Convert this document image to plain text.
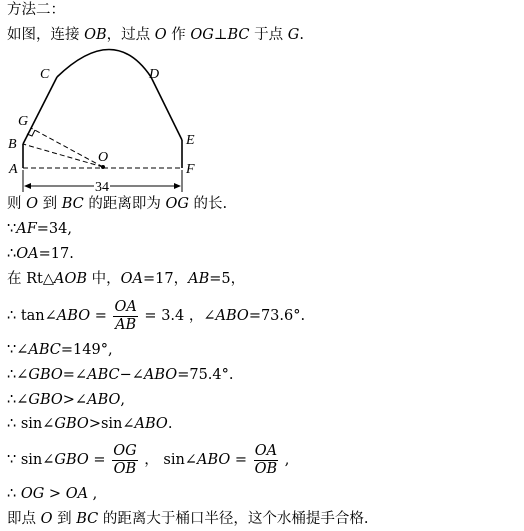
方法二：
如图，连接 OB，过点 O 作 OG⊥BC 于点 G.
C	D
G
B
A
O
E
F
34
则 O 到 BC 的距离即为 OG 的长.
∵AF=34,
∴OA=17.
在 Rt△AOB 中，OA=17，AB=5，
∴ tan∠ABO = $\frac{OA}{AB} = 3.4$ ，∠ABO=73.6°.
∵∠ABC=149°,
∴∠GBO=∠ABC−∠ABO=75.4°.
∴∠GBO>∠ABO,
∴ sin∠GBO>sin∠ABO.
∵ sin∠GBO = $\frac{OG}{OB}$ ， sin∠ABO = $\frac{OA}{OB}$ ,
∴ OG > OA ,
即点 O 到 BC 的距离大于桶口半径，这个水桶提手合格.
